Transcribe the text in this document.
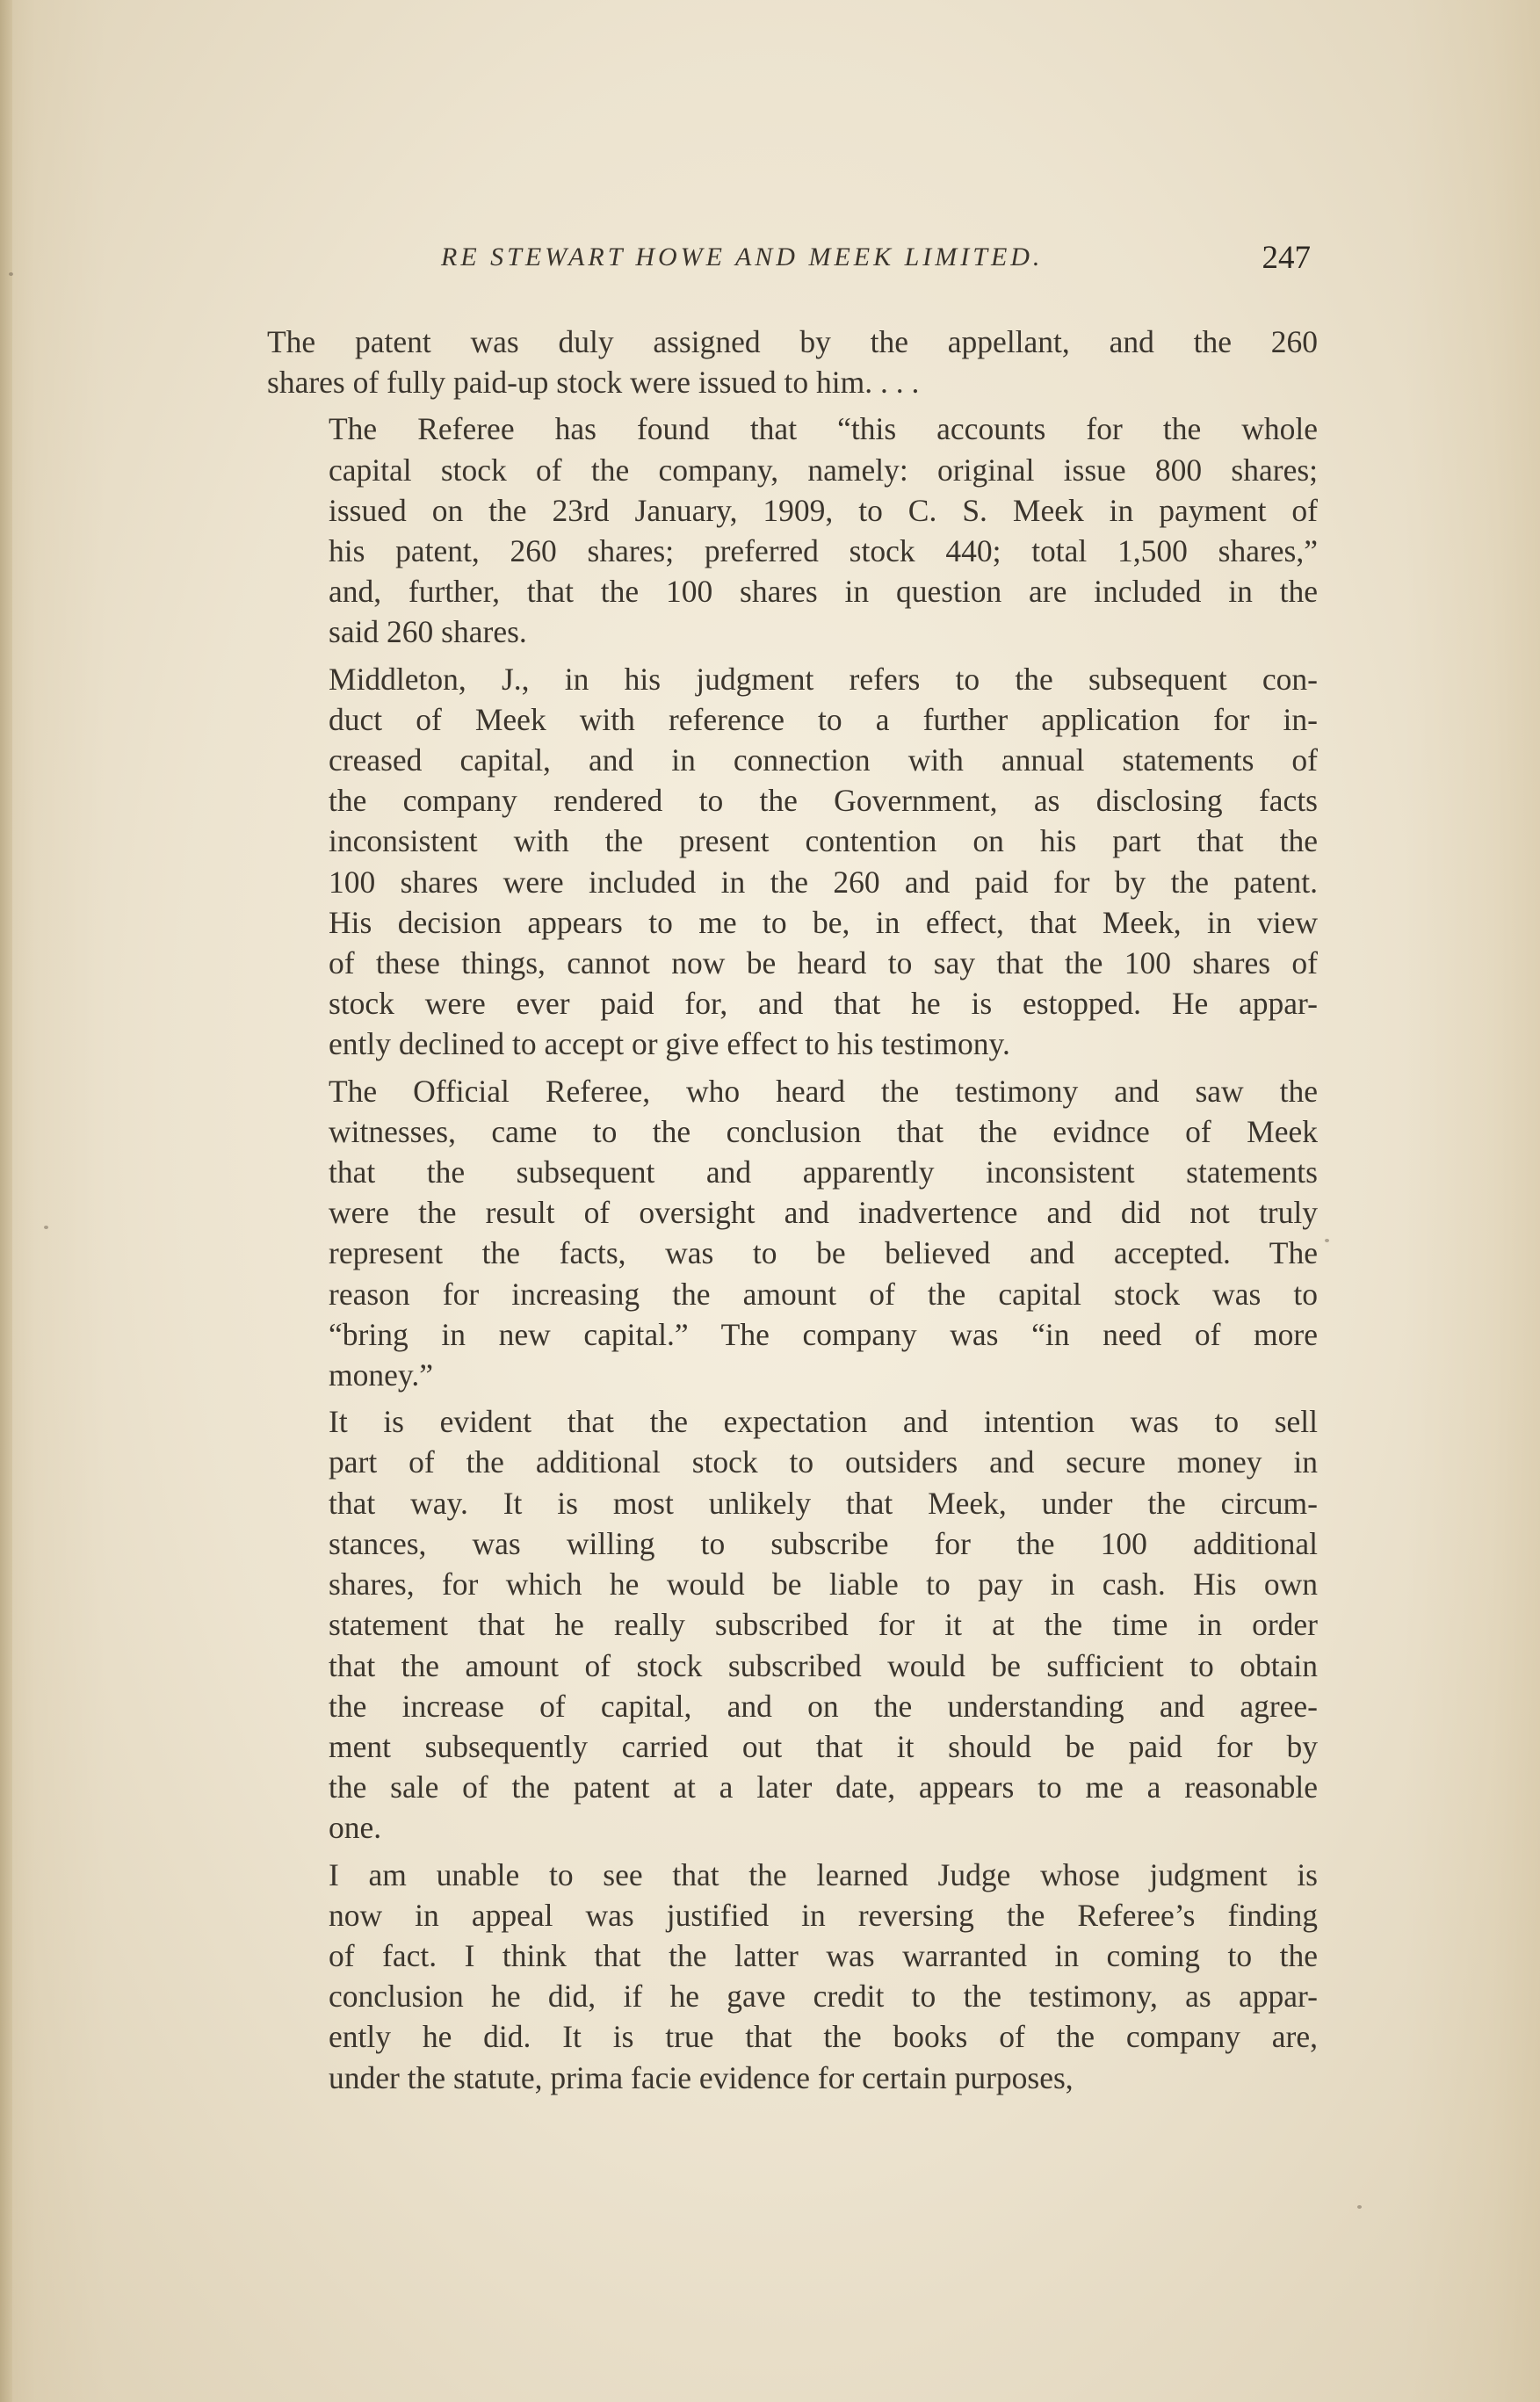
RE STEWART HOWE AND MEEK LIMITED.	247
The patent was duly assigned by the appellant, and the 260
shares of fully paid-up stock were issued to him. . . .
The Referee has found that “this accounts for the whole
capital stock of the company, namely: original issue 800 shares;
issued on the 23rd January, 1909, to C. S. Meek in payment of
his patent, 260 shares; preferred stock 440; total 1,500 shares,”
and, further, that the 100 shares in question are included in the
said 260 shares.
Middleton, J., in his judgment refers to the subsequent con-
duct of Meek with reference to a further application for in-
creased capital, and in connection with annual statements of
the company rendered to the Government, as disclosing facts
inconsistent with the present contention on his part that the
100 shares were included in the 260 and paid for by the patent.
His decision appears to me to be, in effect, that Meek, in view
of these things, cannot now be heard to say that the 100 shares of
stock were ever paid for, and that he is estopped. He appar-
ently declined to accept or give effect to his testimony.
The Official Referee, who heard the testimony and saw the
witnesses, came to the conclusion that the evidnce of Meek
that the subsequent and apparently inconsistent statements
were the result of oversight and inadvertence and did not truly
represent the facts, was to be believed and accepted. The
reason for increasing the amount of the capital stock was to
“bring in new capital.” The company was “in need of more
money.”
It is evident that the expectation and intention was to sell
part of the additional stock to outsiders and secure money in
that way. It is most unlikely that Meek, under the circum-
stances, was willing to subscribe for the 100 additional
shares, for which he would be liable to pay in cash. His own
statement that he really subscribed for it at the time in order
that the amount of stock subscribed would be sufficient to obtain
the increase of capital, and on the understanding and agree-
ment subsequently carried out that it should be paid for by
the sale of the patent at a later date, appears to me a reasonable
one.
I am unable to see that the learned Judge whose judgment is
now in appeal was justified in reversing the Referee’s finding
of fact. I think that the latter was warranted in coming to the
conclusion he did, if he gave credit to the testimony, as appar-
ently he did. It is true that the books of the company are,
under the statute, prima facie evidence for certain purposes,
